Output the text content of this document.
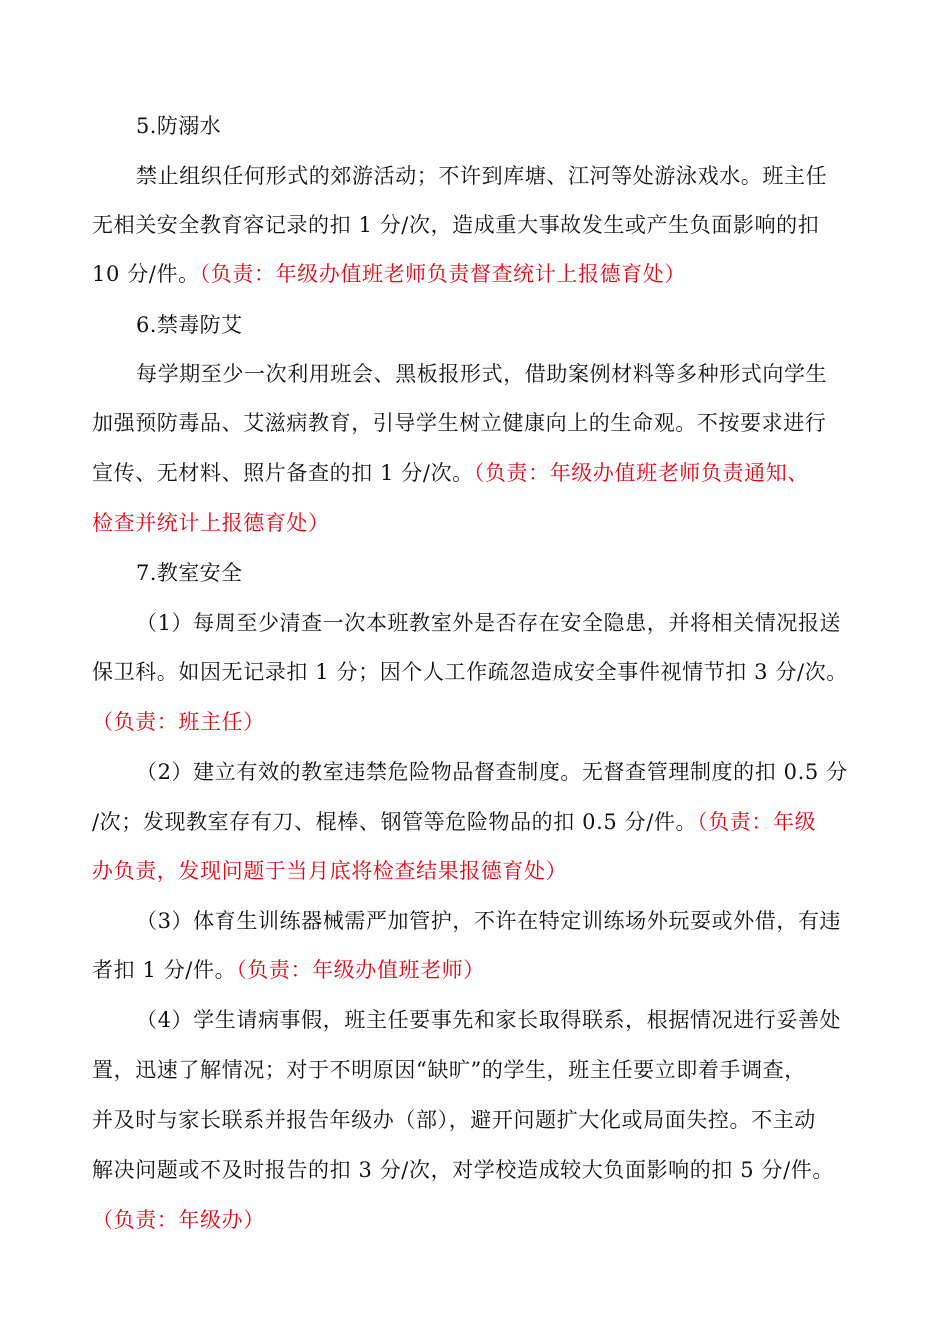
5.防溺水
禁止组织任何形式的郊游活动；不许到库塘、江河等处游泳戏水。班主任
无相关安全教育容记录的扣 1 分/次，造成重大事故发生或产生负面影响的扣
10 分/件。（负责：年级办值班老师负责督查统计上报德育处）
6.禁毒防艾
每学期至少一次利用班会、黑板报形式，借助案例材料等多种形式向学生
加强预防毒品、艾滋病教育，引导学生树立健康向上的生命观。不按要求进行
宣传、无材料、照片备查的扣 1 分/次。（负责：年级办值班老师负责通知、
检查并统计上报德育处）
7.教室安全
（1）每周至少清查一次本班教室外是否存在安全隐患，并将相关情况报送
保卫科。如因无记录扣 1 分；因个人工作疏忽造成安全事件视情节扣 3 分/次。
（负责：班主任）
（2）建立有效的教室违禁危险物品督查制度。无督查管理制度的扣 0.5 分
/次；发现教室存有刀、棍棒、钢管等危险物品的扣 0.5 分/件。（负责：年级
办负责，发现问题于当月底将检查结果报德育处）
（3）体育生训练器械需严加管护，不许在特定训练场外玩耍或外借，有违
者扣 1 分/件。（负责：年级办值班老师）
（4）学生请病事假，班主任要事先和家长取得联系，根据情况进行妥善处
置，迅速了解情况；对于不明原因“缺旷”的学生，班主任要立即着手调查，
并及时与家长联系并报告年级办（部），避开问题扩大化或局面失控。不主动
解决问题或不及时报告的扣 3 分/次，对学校造成较大负面影响的扣 5 分/件。
（负责：年级办）
